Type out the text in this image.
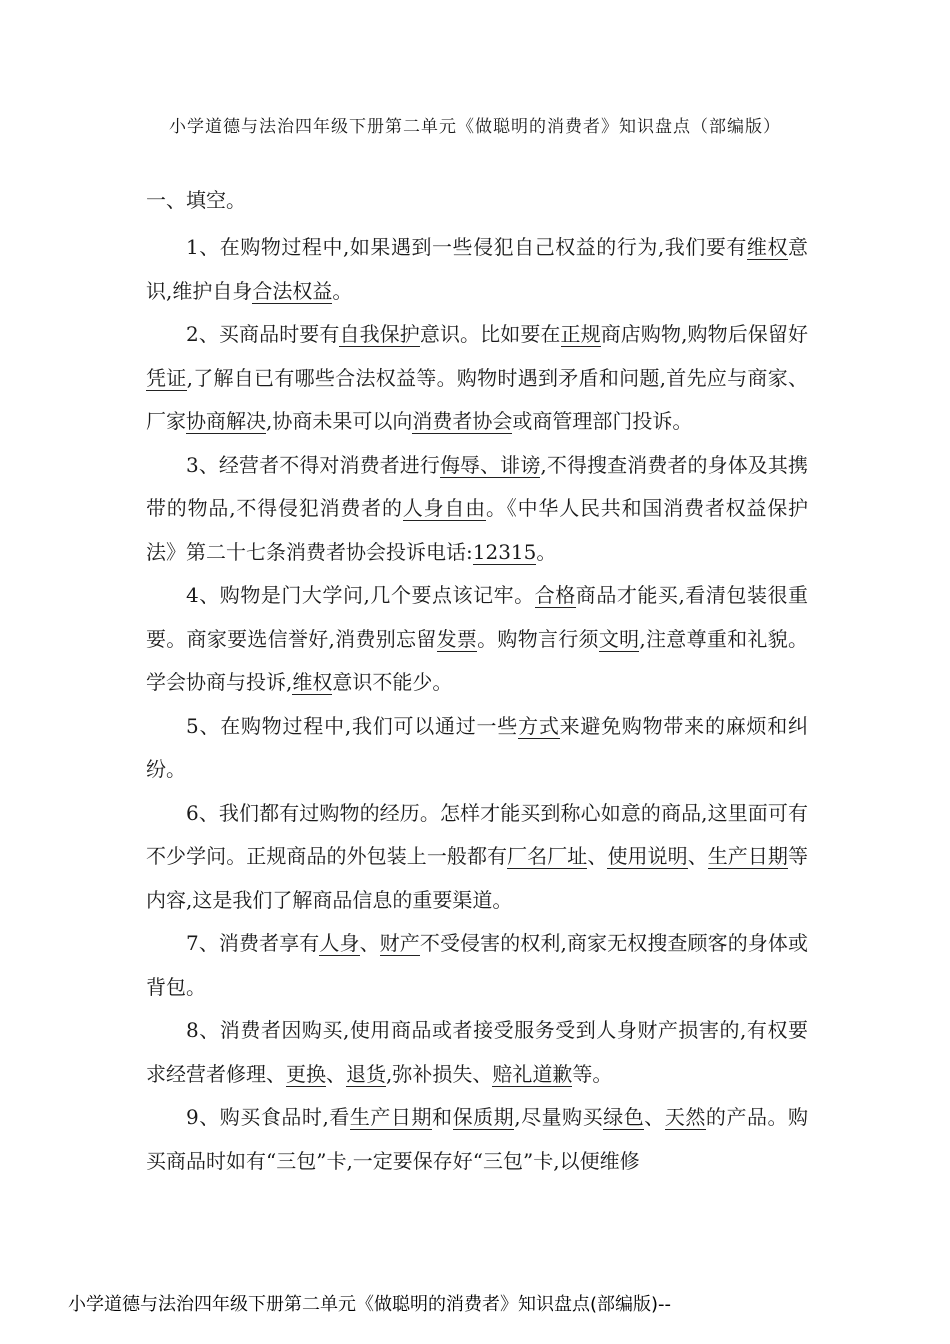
小学道德与法治四年级下册第二单元《做聪明的消费者》知识盘点（部编版）
一、填空。

1、在购物过程中,如果遇到一些侵犯自己权益的行为,我们要有维权意识,维护自身合法权益。

2、买商品时要有自我保护意识。比如要在正规商店购物,购物后保留好凭证,了解自已有哪些合法权益等。购物时遇到矛盾和问题,首先应与商家、厂家协商解决,协商未果可以向消费者协会或商管理部门投诉。

3、经营者不得对消费者进行侮辱、诽谤,不得搜查消费者的身体及其携带的物品,不得侵犯消费者的人身自由。《中华人民共和国消费者权益保护法》第二十七条消费者协会投诉电话:12315。

4、购物是门大学问,几个要点该记牢。合格商品才能买,看清包装很重要。商家要选信誉好,消费别忘留发票。购物言行须文明,注意尊重和礼貌。学会协商与投诉,维权意识不能少。

5、在购物过程中,我们可以通过一些方式来避免购物带来的麻烦和纠纷。

6、我们都有过购物的经历。怎样才能买到称心如意的商品,这里面可有不少学问。正规商品的外包装上一般都有厂名厂址、使用说明、生产日期等内容,这是我们了解商品信息的重要渠道。

7、消费者享有人身、财产不受侵害的权利,商家无权搜查顾客的身体或背包。

8、消费者因购买,使用商品或者接受服务受到人身财产损害的,有权要求经营者修理、更换、退货,弥补损失、赔礼道歉等。

9、购买食品时,看生产日期和保质期,尽量购买绿色、天然的产品。购买商品时如有“三包”卡,一定要保存好“三包”卡,以便维修

小学道德与法治四年级下册第二单元《做聪明的消费者》知识盘点(部编版)--
